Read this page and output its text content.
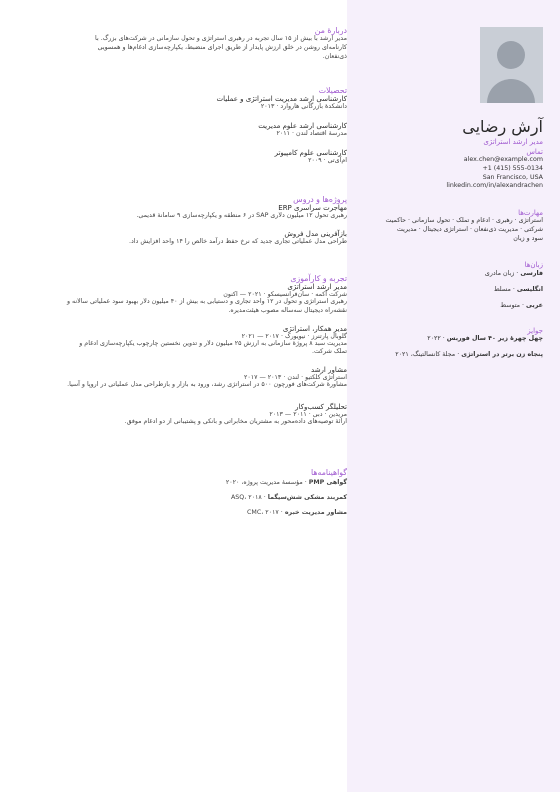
آرش رضایی
مدیر ارشد استراتژی
تماس
alex.chen@example.com
+1 (415) 555-0134
San Francisco, USA
linkedin.com/in/alexandrachen
مهارت‌ها
استراتژی · رهبری · ادغام و تملک · تحول سازمانی · حاکمیت
شرکتی · مدیریت ذی‌نفعان · استراتژی دیجیتال · مدیریت
سود و زیان
زبان‌ها
فارسی · زبان مادری
انگلیسی · مسلط
عربی · متوسط
جوایز
چهل چهرهٔ زیر ۴۰ سال فوربس · ۲۰۲۲
پنجاه زن برتر در استراتژی · مجلهٔ کانسالتینگ، ۲۰۲۱
دربارهٔ من
مدیر ارشد با بیش از ۱۵ سال تجربه در رهبری استراتژی و تحول سازمانی در شرکت‌های بزرگ. با
کارنامه‌ای روشن در خلق ارزش پایدار از طریق اجرای منضبط، یکپارچه‌سازی ادغام‌ها و همسویی
ذی‌نفعان.
تحصیلات
کارشناسی ارشد مدیریت استراتژی و عملیات
دانشکدهٔ بازرگانی هاروارد · ۲۰۱۳
کارشناسی ارشد علوم مدیریت
مدرسهٔ اقتصاد لندن · ۲۰۱۱
کارشناسی علوم کامپیوتر
ام‌آی‌تی · ۲۰۰۹
پروژه‌ها و دروس
مهاجرت سراسری ERP
رهبری تحول ۱۲ میلیون دلاری SAP در ۶ منطقه و یکپارچه‌سازی ۹ سامانهٔ قدیمی.
بازآفرینی مدل فروش
طراحی مدل عملیاتی تجاری جدید که نرخ حفظ درآمد خالص را ۱۴ واحد افزایش داد.
تجربه و کارآموزی
مدیر ارشد استراتژی
شرکت آکمه · سان‌فرانسیسکو · ۲۰۲۱ — اکنون
رهبری استراتژی و تحول در ۱۲ واحد تجاری و دستیابی به بیش از ۴۰ میلیون دلار بهبود سود عملیاتی سالانه و
نقشه‌راه دیجیتال سه‌ساله مصوب هیئت‌مدیره.
مدیر همکار، استراتژی
گلوبال پارتنرز · نیویورک · ۲۰۱۷ — ۲۰۲۱
مدیریت سبد ۸ پروژهٔ سازمانی به ارزش ۲۵ میلیون دلار و تدوین نخستین چارچوب یکپارچه‌سازی ادغام و
تملک شرکت.
مشاور ارشد
استراتژی کلکتیو · لندن · ۲۰۱۳ — ۲۰۱۷
مشاورهٔ شرکت‌های فورچون ۵۰۰ در استراتژی رشد، ورود به بازار و بازطراحی مدل عملیاتی در اروپا و آسیا.
تحلیلگر کسب‌وکار
مریدین · دبی · ۲۰۱۱ — ۲۰۱۳
ارائهٔ توصیه‌های داده‌محور به مشتریان مخابراتی و بانکی و پشتیبانی از دو ادغام موفق.
گواهینامه‌ها
گواهی PMP · مؤسسهٔ مدیریت پروژه، ۲۰۲۰
کمربند مشکی شش‌سیگما · ASQ، ۲۰۱۸
مشاور مدیریت خبره · CMC، ۲۰۱۷
